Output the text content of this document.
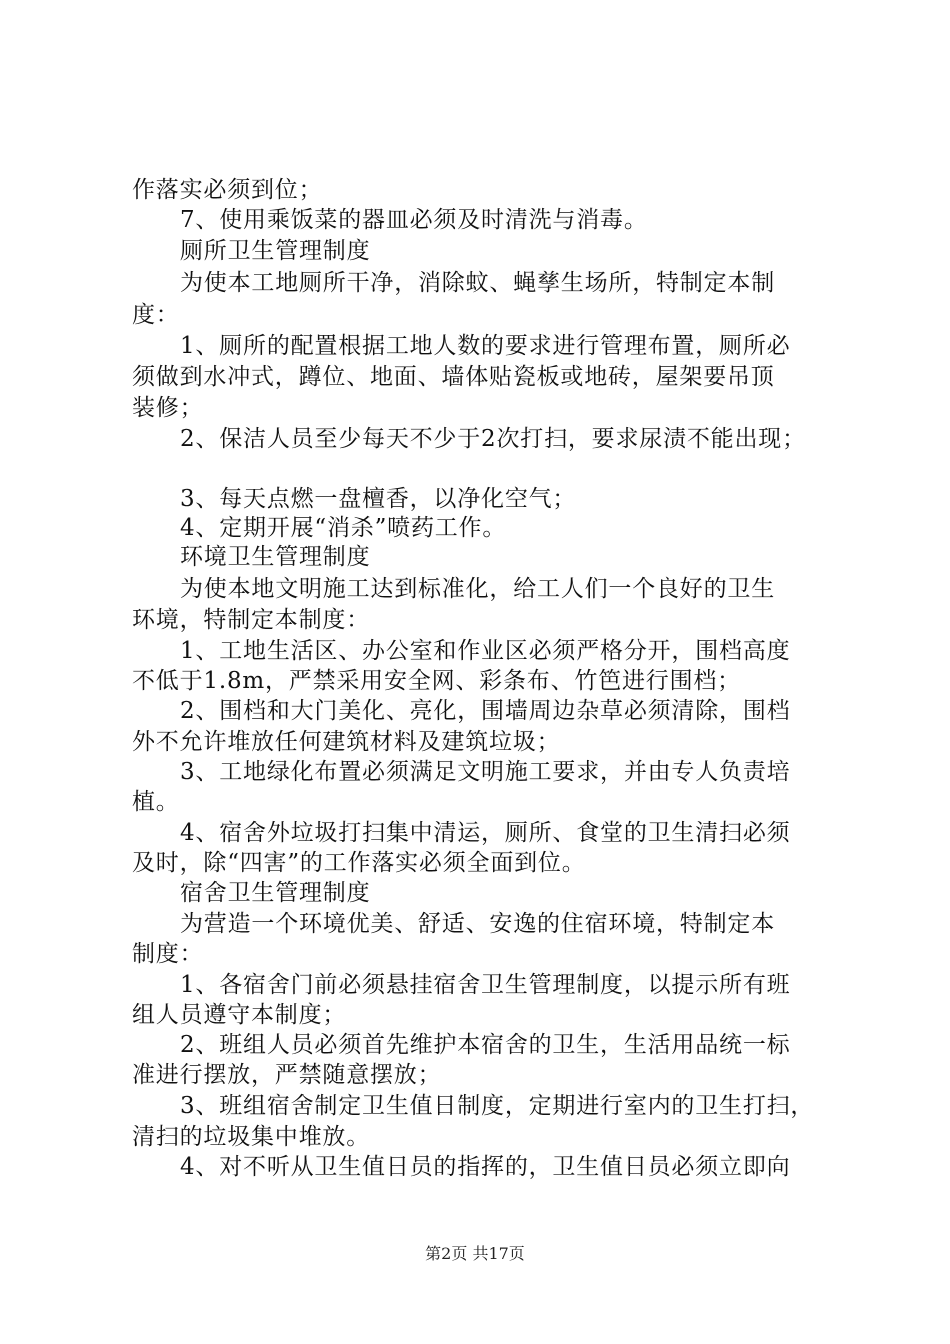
作落实必须到位；
7、使用乘饭菜的器皿必须及时清洗与消毒。
厕所卫生管理制度
为使本工地厕所干净，消除蚊、蝇孳生场所，特制定本制
度：
1、厕所的配置根据工地人数的要求进行管理布置，厕所必
须做到水冲式，蹲位、地面、墙体贴瓷板或地砖，屋架要吊顶
装修；
2、保洁人员至少每天不少于2次打扫，要求尿渍不能出现；
3、每天点燃一盘檀香，以净化空气；
4、定期开展“消杀”喷药工作。
环境卫生管理制度
为使本地文明施工达到标准化，给工人们一个良好的卫生
环境，特制定本制度：
1、工地生活区、办公室和作业区必须严格分开，围档高度
不低于1.8m，严禁采用安全网、彩条布、竹笆进行围档；
2、围档和大门美化、亮化，围墙周边杂草必须清除，围档
外不允许堆放任何建筑材料及建筑垃圾；
3、工地绿化布置必须满足文明施工要求，并由专人负责培
植。
4、宿舍外垃圾打扫集中清运，厕所、食堂的卫生清扫必须
及时，除“四害”的工作落实必须全面到位。
宿舍卫生管理制度
为营造一个环境优美、舒适、安逸的住宿环境，特制定本
制度：
1、各宿舍门前必须悬挂宿舍卫生管理制度，以提示所有班
组人员遵守本制度；
2、班组人员必须首先维护本宿舍的卫生，生活用品统一标
准进行摆放，严禁随意摆放；
3、班组宿舍制定卫生值日制度，定期进行室内的卫生打扫，
清扫的垃圾集中堆放。
4、对不听从卫生值日员的指挥的，卫生值日员必须立即向
第2页 共17页
